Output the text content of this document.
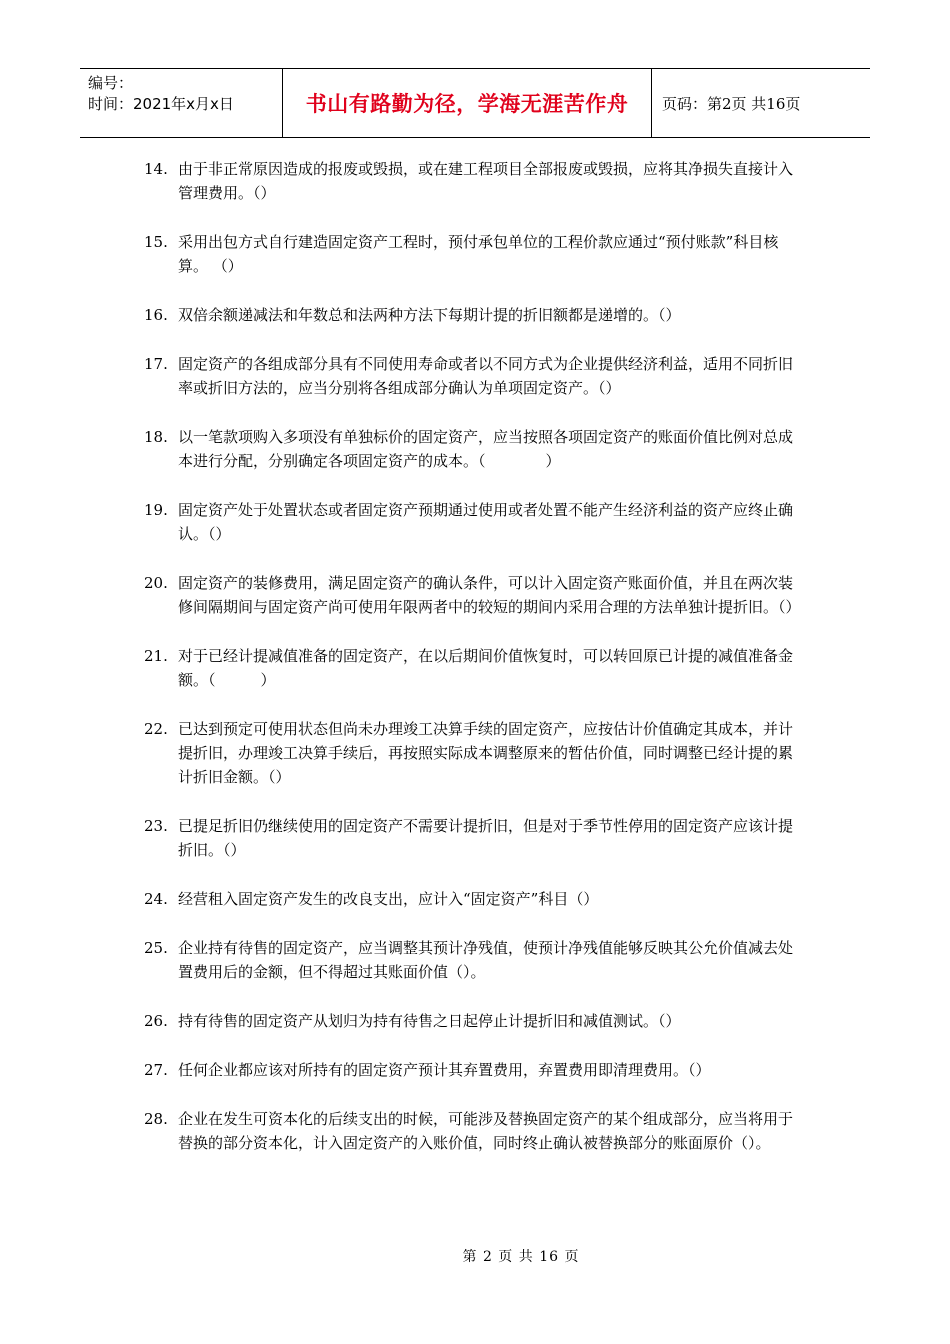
编号：
时间：2021年x月x日	书山有路勤为径，学海无涯苦作舟	页码：第2页 共16页
14. 由于非正常原因造成的报废或毁损，或在建工程项目全部报废或毁损，应将其净损失直接计入管理费用。（）
15. 采用出包方式自行建造固定资产工程时，预付承包单位的工程价款应通过“预付账款”科目核算。 （）
16. 双倍余额递减法和年数总和法两种方法下每期计提的折旧额都是递增的。（）
17. 固定资产的各组成部分具有不同使用寿命或者以不同方式为企业提供经济利益，适用不同折旧率或折旧方法的，应当分别将各组成部分确认为单项固定资产。（）
18. 以一笔款项购入多项没有单独标价的固定资产，应当按照各项固定资产的账面价值比例对总成本进行分配，分别确定各项固定资产的成本。（　　　　）
19. 固定资产处于处置状态或者固定资产预期通过使用或者处置不能产生经济利益的资产应终止确认。（）
20. 固定资产的装修费用，满足固定资产的确认条件，可以计入固定资产账面价值，并且在两次装修间隔期间与固定资产尚可使用年限两者中的较短的期间内采用合理的方法单独计提折旧。（）
21. 对于已经计提减值准备的固定资产，在以后期间价值恢复时，可以转回原已计提的减值准备金额。（　　　）
22. 已达到预定可使用状态但尚未办理竣工决算手续的固定资产，应按估计价值确定其成本，并计提折旧，办理竣工决算手续后，再按照实际成本调整原来的暂估价值，同时调整已经计提的累计折旧金额。（）
23. 已提足折旧仍继续使用的固定资产不需要计提折旧，但是对于季节性停用的固定资产应该计提折旧。（）
24. 经营租入固定资产发生的改良支出，应计入“固定资产”科目（）
25. 企业持有待售的固定资产，应当调整其预计净残值，使预计净残值能够反映其公允价值减去处置费用后的金额，但不得超过其账面价值（）。
26. 持有待售的固定资产从划归为持有待售之日起停止计提折旧和减值测试。（）
27. 任何企业都应该对所持有的固定资产预计其弃置费用，弃置费用即清理费用。（）
28. 企业在发生可资本化的后续支出的时候，可能涉及替换固定资产的某个组成部分，应当将用于替换的部分资本化，计入固定资产的入账价值，同时终止确认被替换部分的账面原价（）。
第 2 页 共 16 页
